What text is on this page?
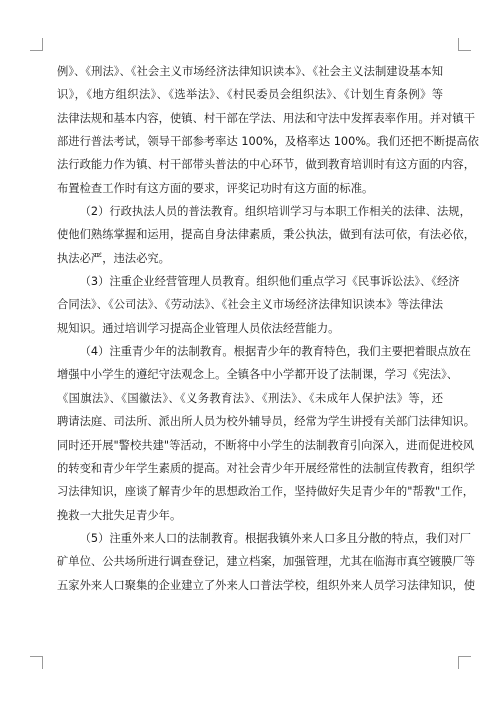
例》、《刑法》、《社会主义市场经济法律知识读本》、《社会主义法制建设基本知
识》，《地方组织法》、《选举法》、《村民委员会组织法》、《计划生育条例》等
法律法规和基本内容，使镇、村干部在学法、用法和守法中发挥表率作用。并对镇干
部进行普法考试，领导干部参考率达 100%，及格率达 100%。我们还把不断提高依
法行政能力作为镇、村干部带头普法的中心环节，做到教育培训时有这方面的内容，
布置检查工作时有这方面的要求，评奖记功时有这方面的标准。
（2）行政执法人员的普法教育。组织培训学习与本职工作相关的法律、法规，
使他们熟练掌握和运用，提高自身法律素质，秉公执法，做到有法可依，有法必依，
执法必严，违法必究。
（3）注重企业经营管理人员教育。组织他们重点学习《民事诉讼法》、《经济
合同法》、《公司法》、《劳动法》、《社会主义市场经济法律知识读本》等法律法
规知识。通过培训学习提高企业管理人员依法经营能力。
（4）注重青少年的法制教育。根据青少年的教育特色，我们主要把着眼点放在
增强中小学生的遵纪守法观念上。全镇各中小学都开设了法制课，学习《宪法》、
《国旗法》、《国徽法》、《义务教育法》、《刑法》、《未成年人保护法》等，还
聘请法庭、司法所、派出所人员为校外辅导员，经常为学生讲授有关部门法律知识。
同时还开展"警校共建"等活动，不断将中小学生的法制教育引向深入，进而促进校风
的转变和青少年学生素质的提高。对社会青少年开展经常性的法制宣传教育，组织学
习法律知识，座谈了解青少年的思想政治工作，坚持做好失足青少年的"帮教"工作，
挽救一大批失足青少年。
（5）注重外来人口的法制教育。根据我镇外来人口多且分散的特点，我们对厂
矿单位、公共场所进行调查登记，建立档案，加强管理，尤其在临海市真空镀膜厂等
五家外来人口聚集的企业建立了外来人口普法学校，组织外来人员学习法律知识，使
